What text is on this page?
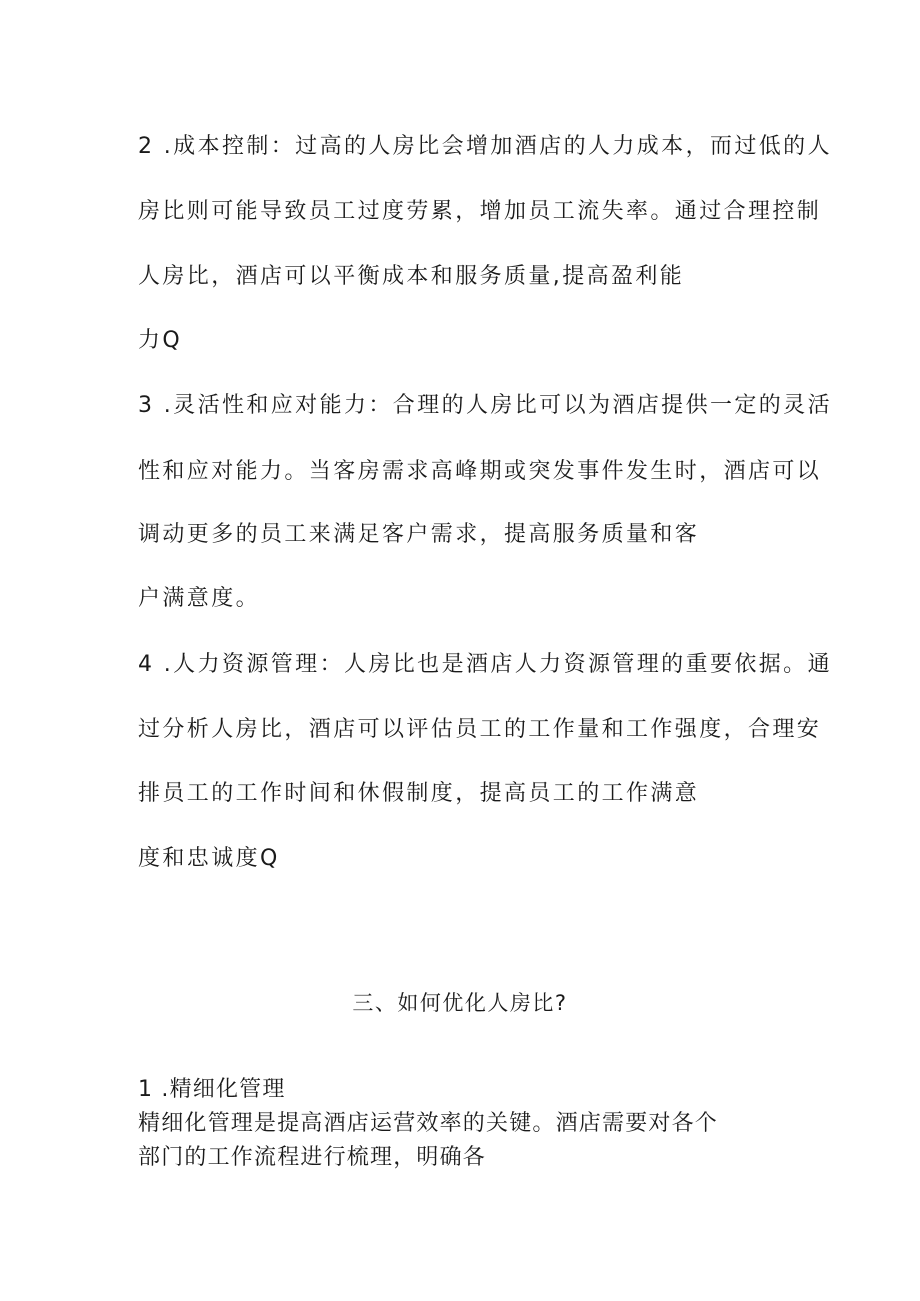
2 .成本控制：过高的人房比会增加酒店的人力成本，而过低的人
房比则可能导致员工过度劳累，增加员工流失率。通过合理控制
人房比，酒店可以平衡成本和服务质量,提高盈利能
力Q
3 .灵活性和应对能力：合理的人房比可以为酒店提供一定的灵活
性和应对能力。当客房需求高峰期或突发事件发生时，酒店可以
调动更多的员工来满足客户需求，提高服务质量和客
户满意度。
4 .人力资源管理：人房比也是酒店人力资源管理的重要依据。通
过分析人房比，酒店可以评估员工的工作量和工作强度，合理安
排员工的工作时间和休假制度，提高员工的工作满意
度和忠诚度Q
三、如何优化人房比?
1 .精细化管理
精细化管理是提高酒店运营效率的关键。酒店需要对各个
部门的工作流程进行梳理，明确各
